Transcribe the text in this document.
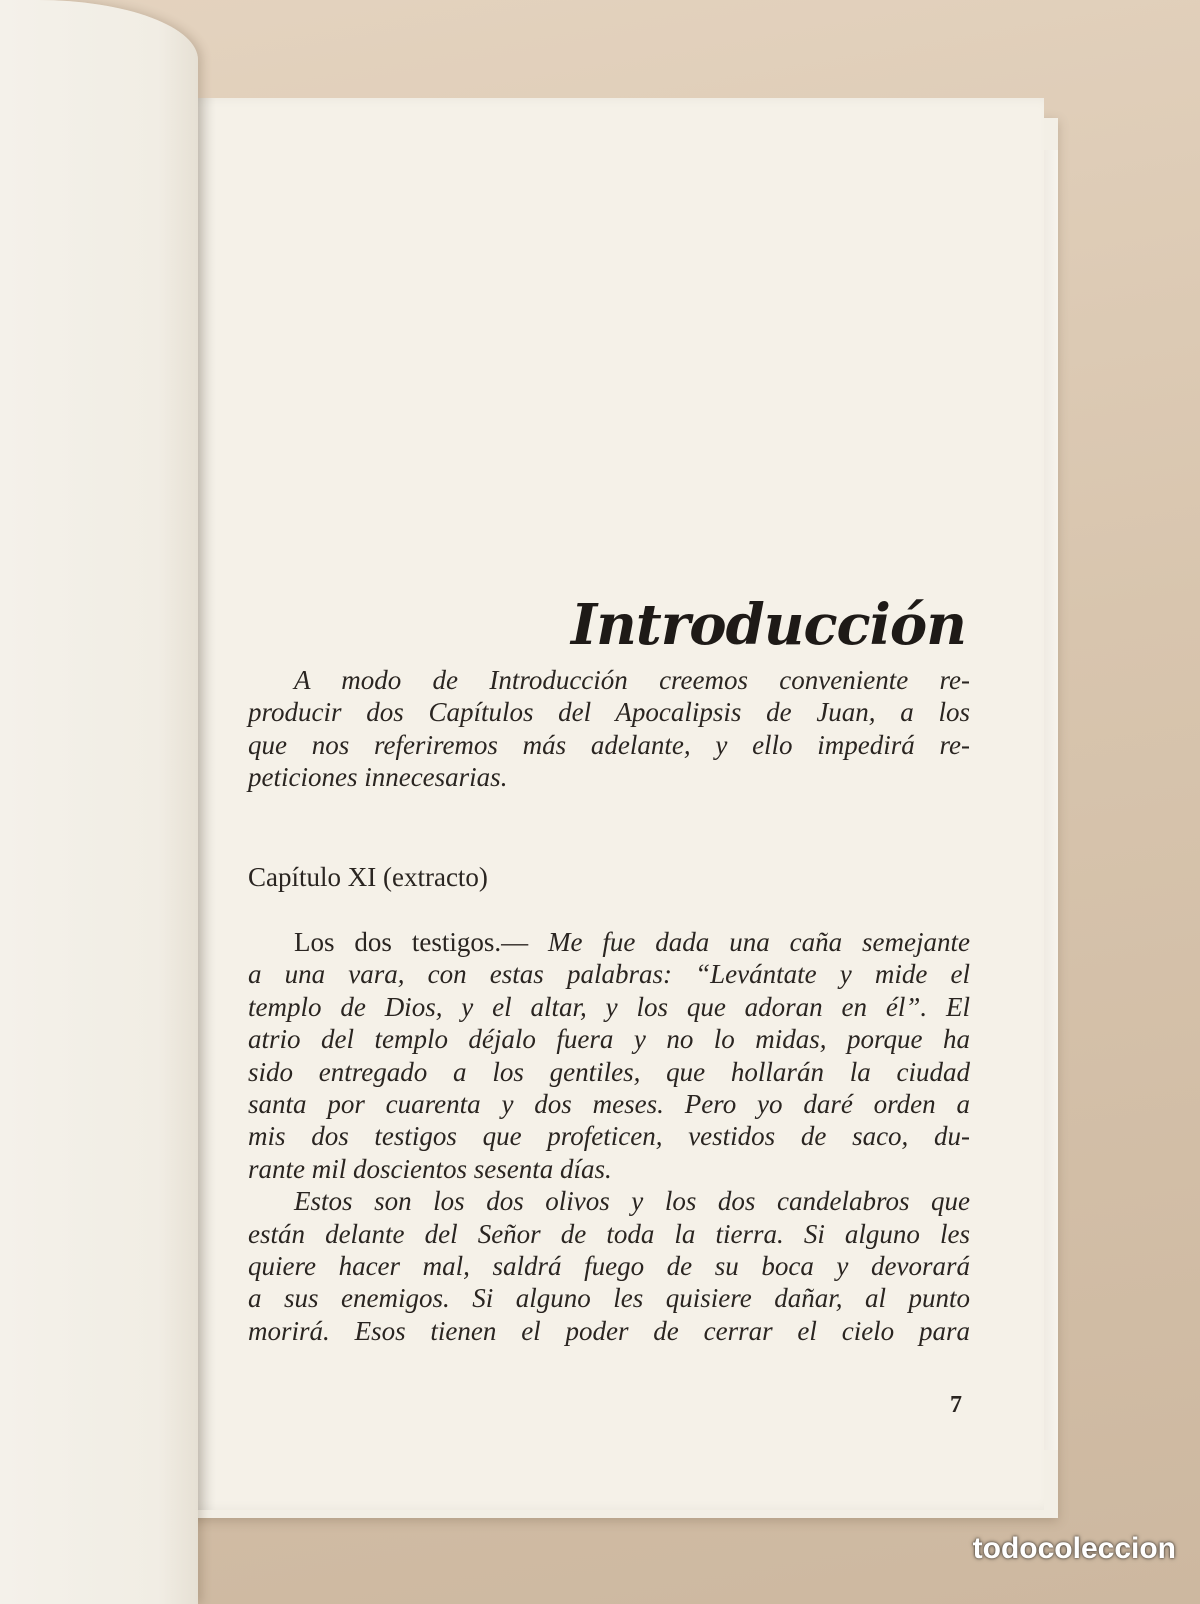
Introducción
A modo de Introducción creemos conveniente re-
producir dos Capítulos del Apocalipsis de Juan, a los
que nos referiremos más adelante, y ello impedirá re-
peticiones innecesarias.
Capítulo XI (extracto)
Los dos testigos.— Me fue dada una caña semejante
a una vara, con estas palabras: “Levántate y mide el
templo de Dios, y el altar, y los que adoran en él”. El
atrio del templo déjalo fuera y no lo midas, porque ha
sido entregado a los gentiles, que hollarán la ciudad
santa por cuarenta y dos meses. Pero yo daré orden a
mis dos testigos que profeticen, vestidos de saco, du-
rante mil doscientos sesenta días.
Estos son los dos olivos y los dos candelabros que
están delante del Señor de toda la tierra. Si alguno les
quiere hacer mal, saldrá fuego de su boca y devorará
a sus enemigos. Si alguno les quisiere dañar, al punto
morirá. Esos tienen el poder de cerrar el cielo para
7
todocoleccion
